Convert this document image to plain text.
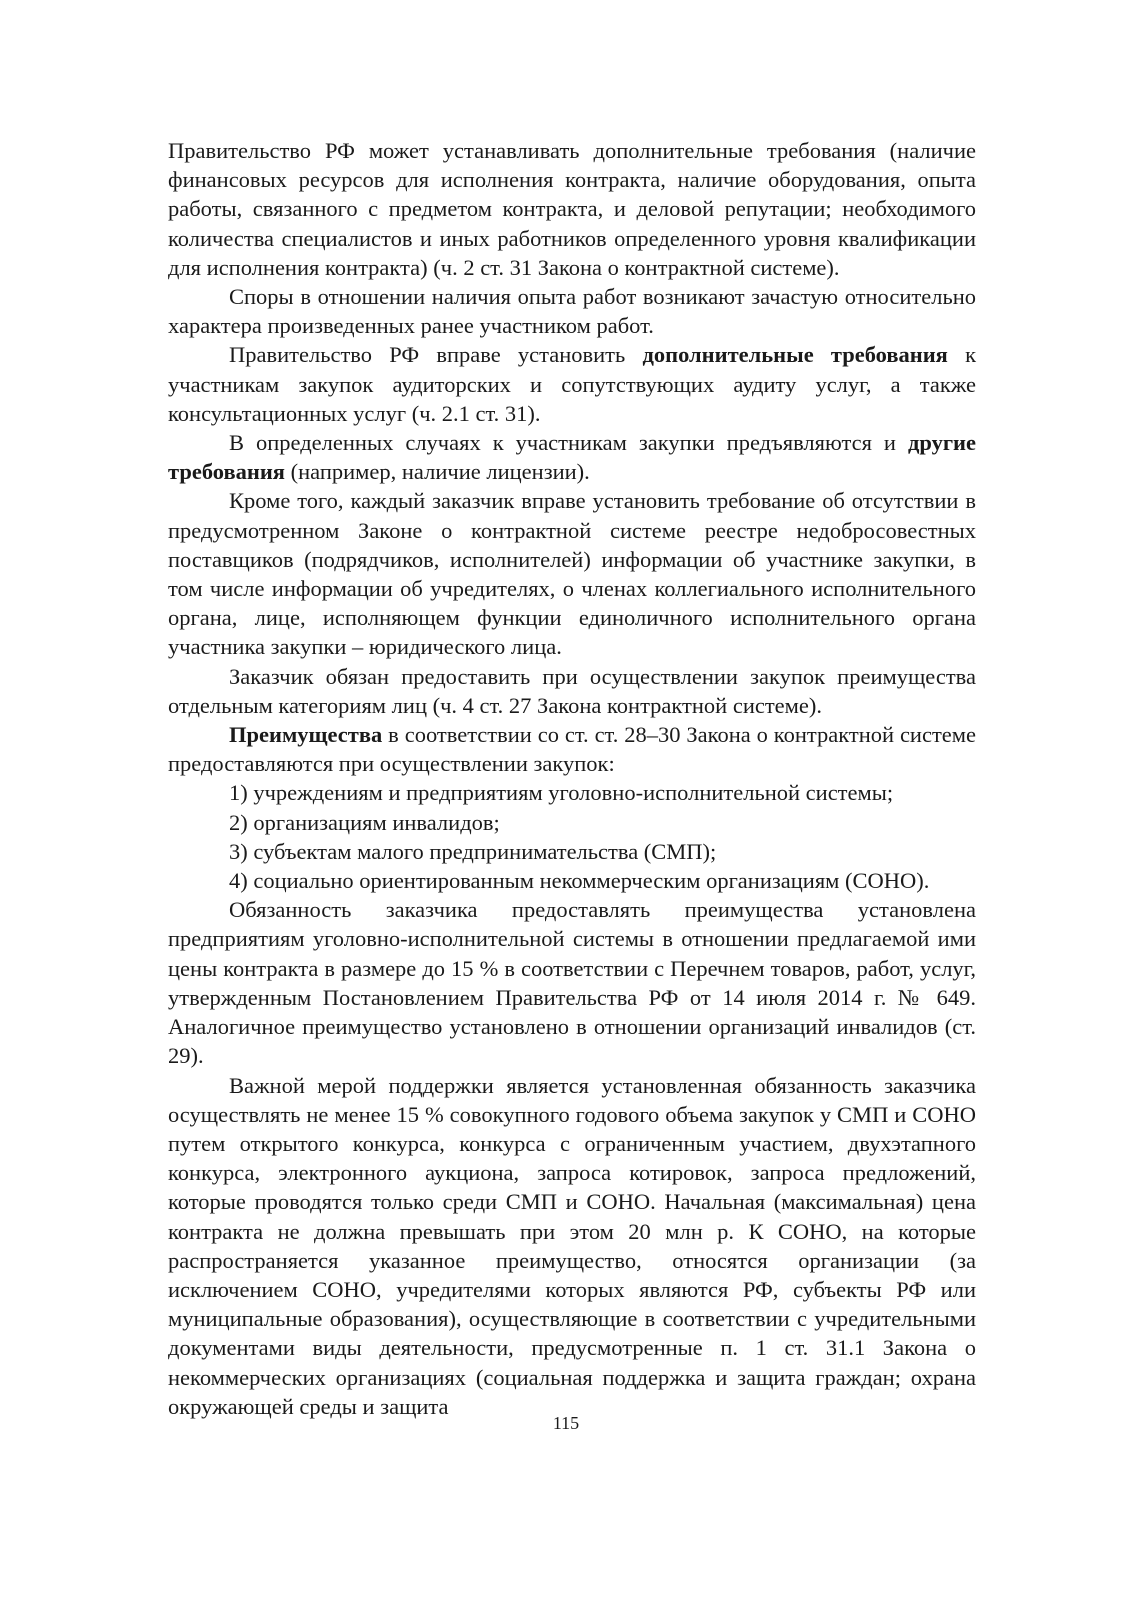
Правительство РФ может устанавливать дополнительные требования (наличие финансовых ресурсов для исполнения контракта, наличие оборудования, опыта работы, связанного с предметом контракта, и деловой репутации; необходимого количества специалистов и иных работников определенного уровня квалификации для исполнения контракта) (ч. 2 ст. 31 Закона о контрактной системе).

Споры в отношении наличия опыта работ возникают зачастую относительно характера произведенных ранее участником работ.

Правительство РФ вправе установить дополнительные требования к участникам закупок аудиторских и сопутствующих аудиту услуг, а также консультационных услуг (ч. 2.1 ст. 31).

В определенных случаях к участникам закупки предъявляются и другие требования (например, наличие лицензии).

Кроме того, каждый заказчик вправе установить требование об отсутствии в предусмотренном Законе о контрактной системе реестре недобросовестных поставщиков (подрядчиков, исполнителей) информации об участнике закупки, в том числе информации об учредителях, о членах коллегиального исполнительного органа, лице, исполняющем функции единоличного исполнительного органа участника закупки – юридического лица.

Заказчик обязан предоставить при осуществлении закупок преимущества отдельным категориям лиц (ч. 4 ст. 27 Закона контрактной системе).

Преимущества в соответствии со ст. ст. 28–30 Закона о контрактной системе предоставляются при осуществлении закупок:

1) учреждениям и предприятиям уголовно-исполнительной системы;

2) организациям инвалидов;

3) субъектам малого предпринимательства (СМП);

4) социально ориентированным некоммерческим организациям (СОНО).

Обязанность заказчика предоставлять преимущества установлена предприятиям уголовно-исполнительной системы в отношении предлагаемой ими цены контракта в размере до 15 % в соответствии с Перечнем товаров, работ, услуг, утвержденным Постановлением Правительства РФ от 14 июля 2014 г. № 649. Аналогичное преимущество установлено в отношении организаций инвалидов (ст. 29).

Важной мерой поддержки является установленная обязанность заказчика осуществлять не менее 15 % совокупного годового объема закупок у СМП и СОНО путем открытого конкурса, конкурса с ограниченным участием, двухэтапного конкурса, электронного аукциона, запроса котировок, запроса предложений, которые проводятся только среди СМП и СОНО. Начальная (максимальная) цена контракта не должна превышать при этом 20 млн р. К СОНО, на которые распространяется указанное преимущество, относятся организации (за исключением СОНО, учредителями которых являются РФ, субъекты РФ или муниципальные образования), осуществляющие в соответствии с учредительными документами виды деятельности, предусмотренные п. 1 ст. 31.1 Закона о некоммерческих организациях (социальная поддержка и защита граждан; охрана окружающей среды и защита

115
